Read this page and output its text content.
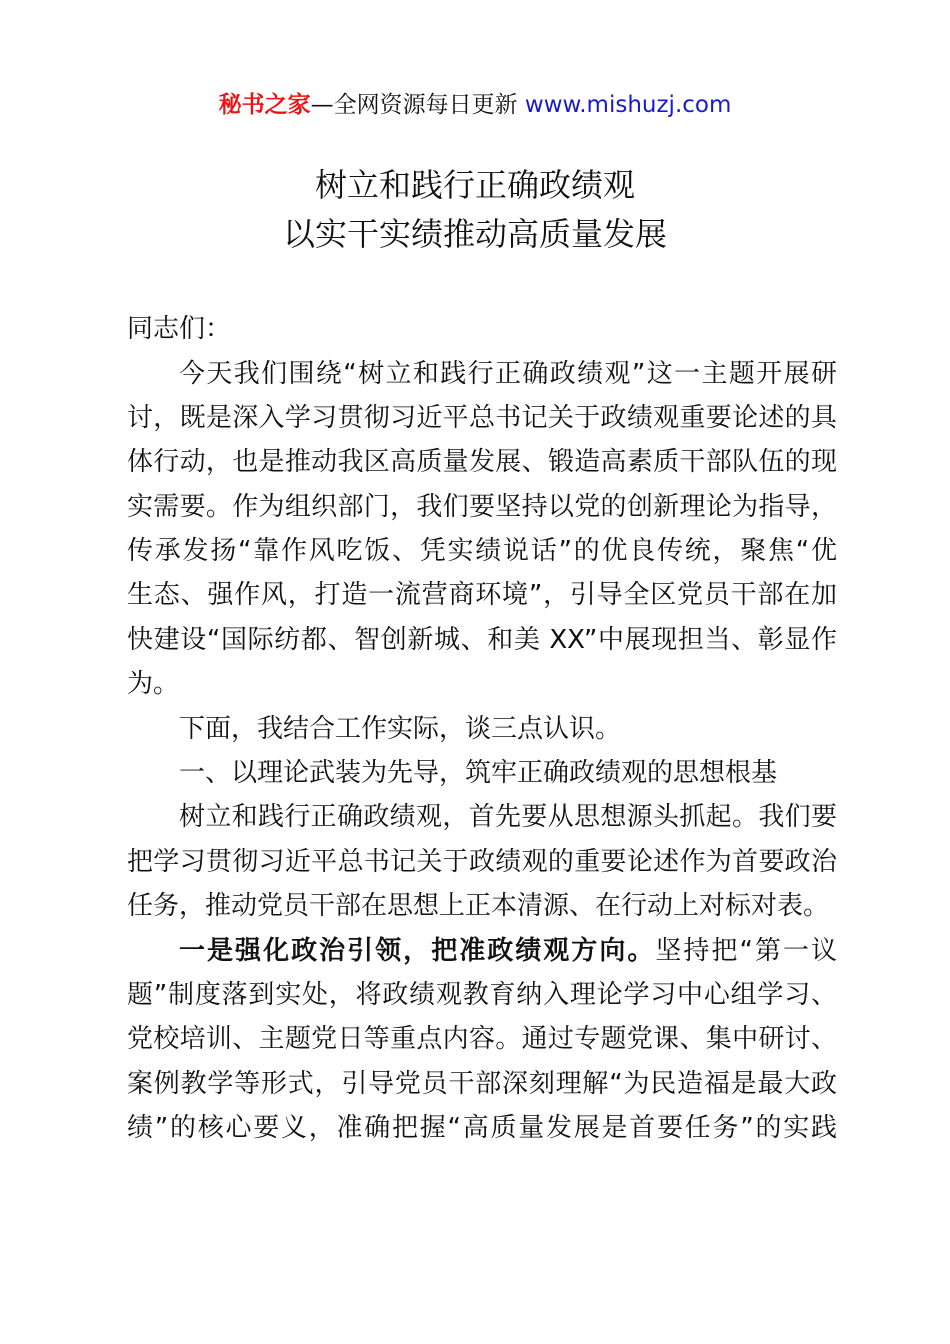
秘书之家—全网资源每日更新 www.mishuzj.com
树立和践行正确政绩观
以实干实绩推动高质量发展
同志们：
今天我们围绕“树立和践行正确政绩观”这一主题开展研
讨，既是深入学习贯彻习近平总书记关于政绩观重要论述的具
体行动，也是推动我区高质量发展、锻造高素质干部队伍的现
实需要。作为组织部门，我们要坚持以党的创新理论为指导，
传承发扬“靠作风吃饭、凭实绩说话”的优良传统，聚焦“优
生态、强作风，打造一流营商环境”，引导全区党员干部在加
快建设“国际纺都、智创新城、和美 XX”中展现担当、彰显作
为。
下面，我结合工作实际，谈三点认识。
一、以理论武装为先导，筑牢正确政绩观的思想根基
树立和践行正确政绩观，首先要从思想源头抓起。我们要
把学习贯彻习近平总书记关于政绩观的重要论述作为首要政治
任务，推动党员干部在思想上正本清源、在行动上对标对表。
一是强化政治引领，把准政绩观方向。坚持把“第一议
题”制度落到实处，将政绩观教育纳入理论学习中心组学习、
党校培训、主题党日等重点内容。通过专题党课、集中研讨、
案例教学等形式，引导党员干部深刻理解“为民造福是最大政
绩”的核心要义，准确把握“高质量发展是首要任务”的实践
